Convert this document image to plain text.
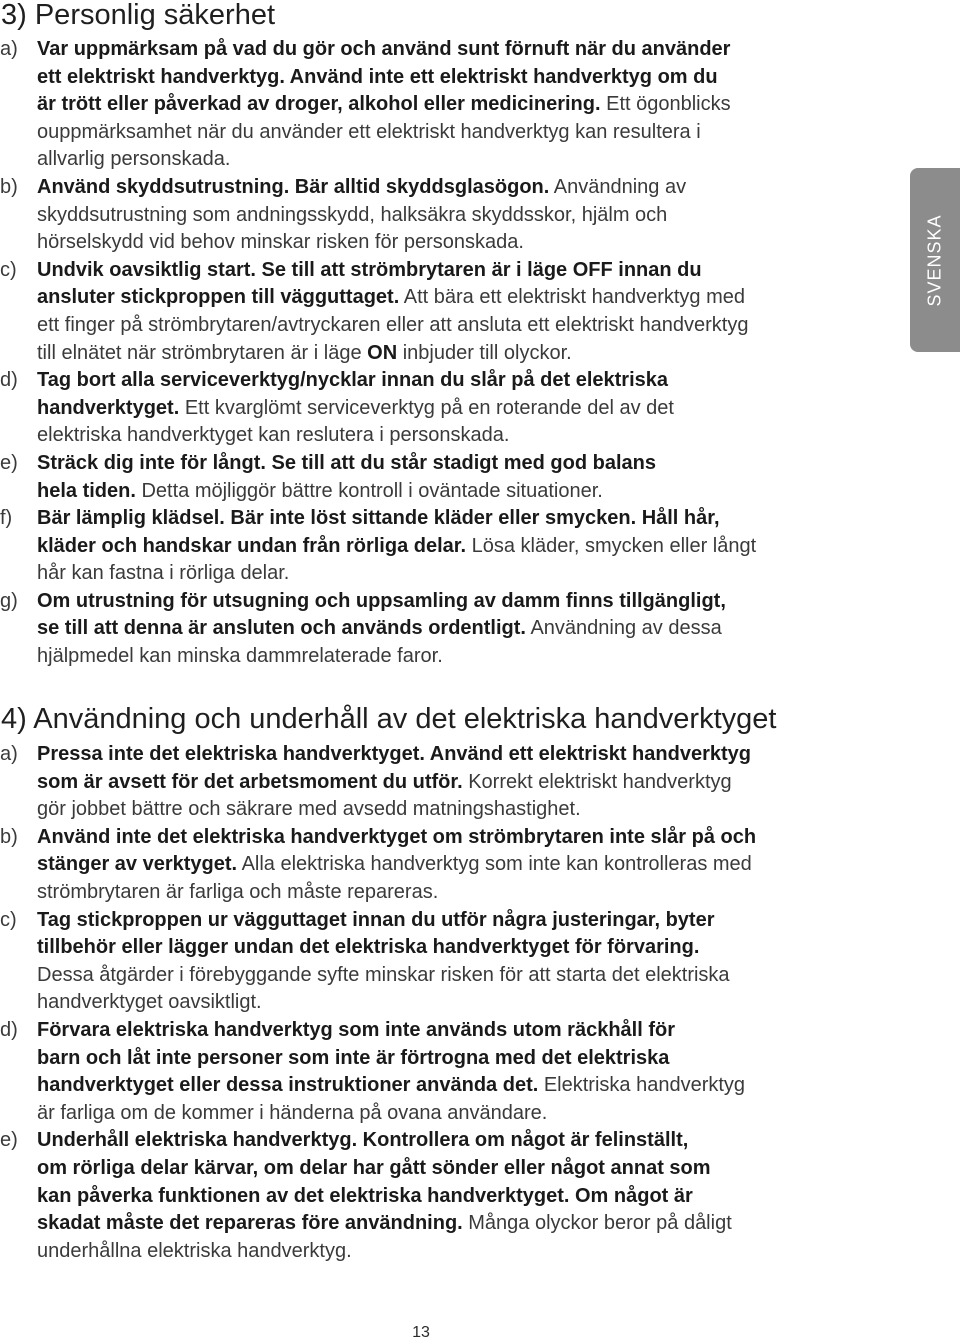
3) Personlig säkerhet
a) Var uppmärksam på vad du gör och använd sunt förnuft när du använder
ett elektriskt handverktyg. Använd inte ett elektriskt handverktyg om du
är trött eller påverkad av droger, alkohol eller medicinering. Ett ögonblicks
ouppmärksamhet när du använder ett elektriskt handverktyg kan resultera i
allvarlig personskada.
b) Använd skyddsutrustning. Bär alltid skyddsglasögon. Användning av
skyddsutrustning som andningsskydd, halksäkra skyddsskor, hjälm och
hörselskydd vid behov minskar risken för personskada.
c)	Undvik oavsiktlig start. Se till att strömbrytaren är i läge OFF innan du
ansluter stickproppen till vägguttaget. Att bära ett elektriskt handverktyg med
ett finger på strömbrytaren/avtryckaren eller att ansluta ett elektriskt handverktyg
till elnätet när strömbrytaren är i läge ON inbjuder till olyckor.
d) Tag bort alla serviceverktyg/nycklar innan du slår på det elektriska
handverktyget. Ett kvarglömt serviceverktyg på en roterande del av det
elektriska handverktyget kan reslutera i personskada.
e) Sträck dig inte för långt. Se till att du står stadigt med god balans
hela tiden. Detta möjliggör bättre kontroll i oväntade situationer.
f)	Bär lämplig klädsel. Bär inte löst sittande kläder eller smycken. Håll hår,
kläder och handskar undan från rörliga delar. Lösa kläder, smycken eller långt
hår kan fastna i rörliga delar.
g) Om utrustning för utsugning och uppsamling av damm finns tillgängligt,
se till att denna är ansluten och används ordentligt. Användning av dessa
hjälpmedel kan minska dammrelaterade faror.
4) Användning och underhåll av det elektriska handverktyget
a) Pressa inte det elektriska handverktyget. Använd ett elektriskt handverktyg
som är avsett för det arbetsmoment du utför. Korrekt elektriskt handverktyg
gör jobbet bättre och säkrare med avsedd matningshastighet.
b) Använd inte det elektriska handverktyget om strömbrytaren inte slår på och
stänger av verktyget. Alla elektriska handverktyg som inte kan kontrolleras med
strömbrytaren är farliga och måste repareras.
c)	Tag stickproppen ur vägguttaget innan du utför några justeringar, byter
tillbehör eller lägger undan det elektriska handverktyget för förvaring.
Dessa åtgärder i förebyggande syfte minskar risken för att starta det elektriska
handverktyget oavsiktligt.
d) Förvara elektriska handverktyg som inte används utom räckhåll för
barn och låt inte personer som inte är förtrogna med det elektriska
handverktyget eller dessa instruktioner använda det. Elektriska handverktyg
är farliga om de kommer i händerna på ovana användare.
e) Underhåll elektriska handverktyg. Kontrollera om något är felinställt,
om rörliga delar kärvar, om delar har gått sönder eller något annat som
kan påverka funktionen av det elektriska handverktyget. Om något är
skadat måste det repareras före användning. Många olyckor beror på dåligt
underhållna elektriska handverktyg.
SVENSKA
13
